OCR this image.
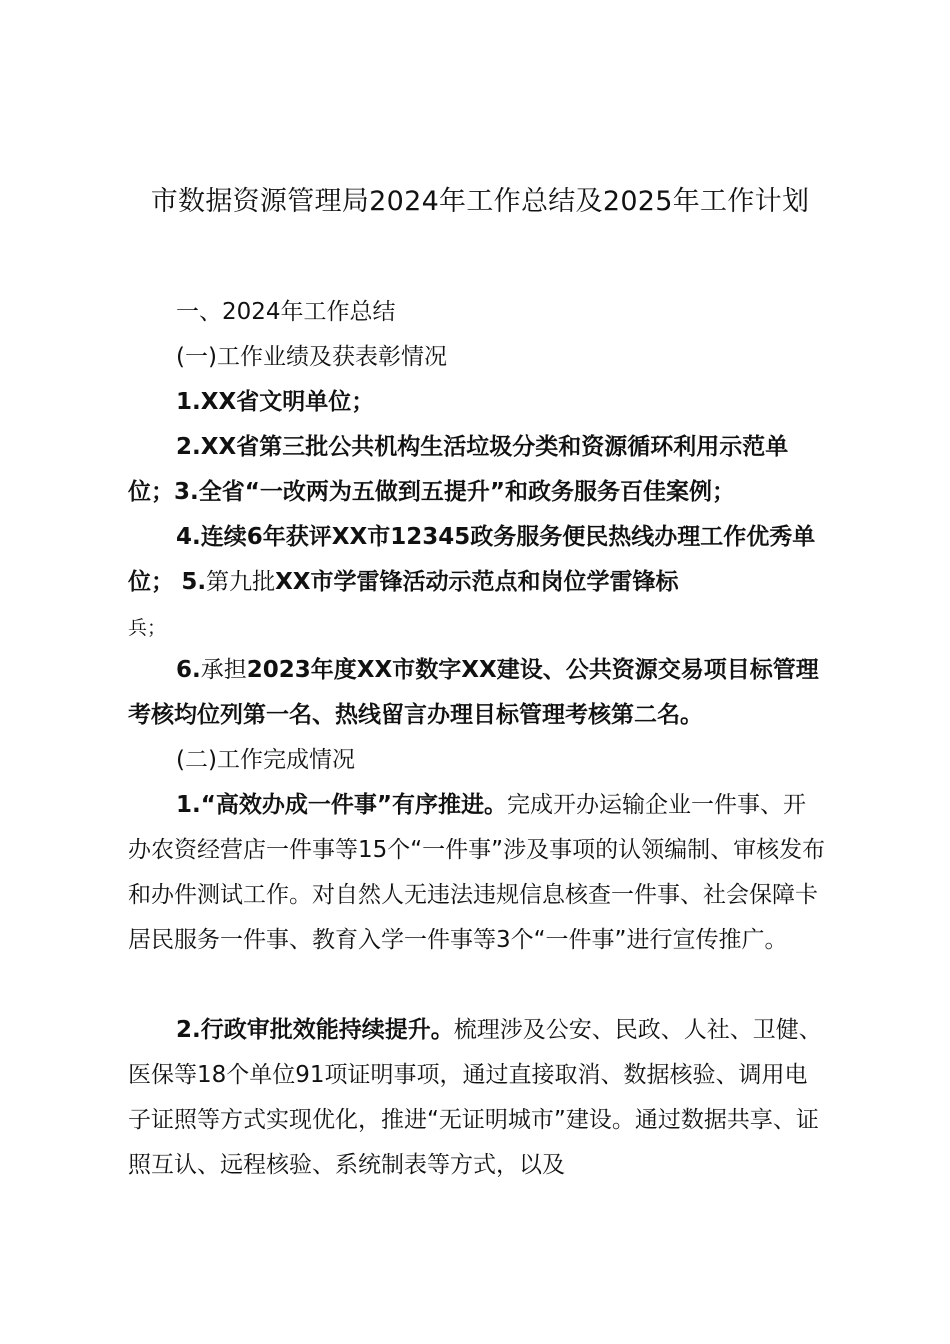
市数据资源管理局2024年工作总结及2025年工作计划

一、2024年工作总结

(一)工作业绩及获表彰情况

1.XX省文明单位；

2.XX省第三批公共机构生活垃圾分类和资源循环利用示范单位；3.全省“一改两为五做到五提升”和政务服务百佳案例；

4.连续6年获评XX市12345政务服务便民热线办理工作优秀单位； 5.第九批XX市学雷锋活动示范点和岗位学雷锋标
兵；

6.承担2023年度XX市数字XX建设、公共资源交易项目标管理考核均位列第一名、热线留言办理目标管理考核第二名。

(二)工作完成情况

1.“高效办成一件事”有序推进。完成开办运输企业一件事、开办农资经营店一件事等15个“一件事”涉及事项的认领编制、审核发布和办件测试工作。对自然人无违法违规信息核查一件事、社会保障卡居民服务一件事、教育入学一件事等3个“一件事”进行宣传推广。

2.行政审批效能持续提升。梳理涉及公安、民政、人社、卫健、医保等18个单位91项证明事项，通过直接取消、数据核验、调用电子证照等方式实现优化，推进“无证明城市”建设。通过数据共享、证照互认、远程核验、系统制表等方式，以及
